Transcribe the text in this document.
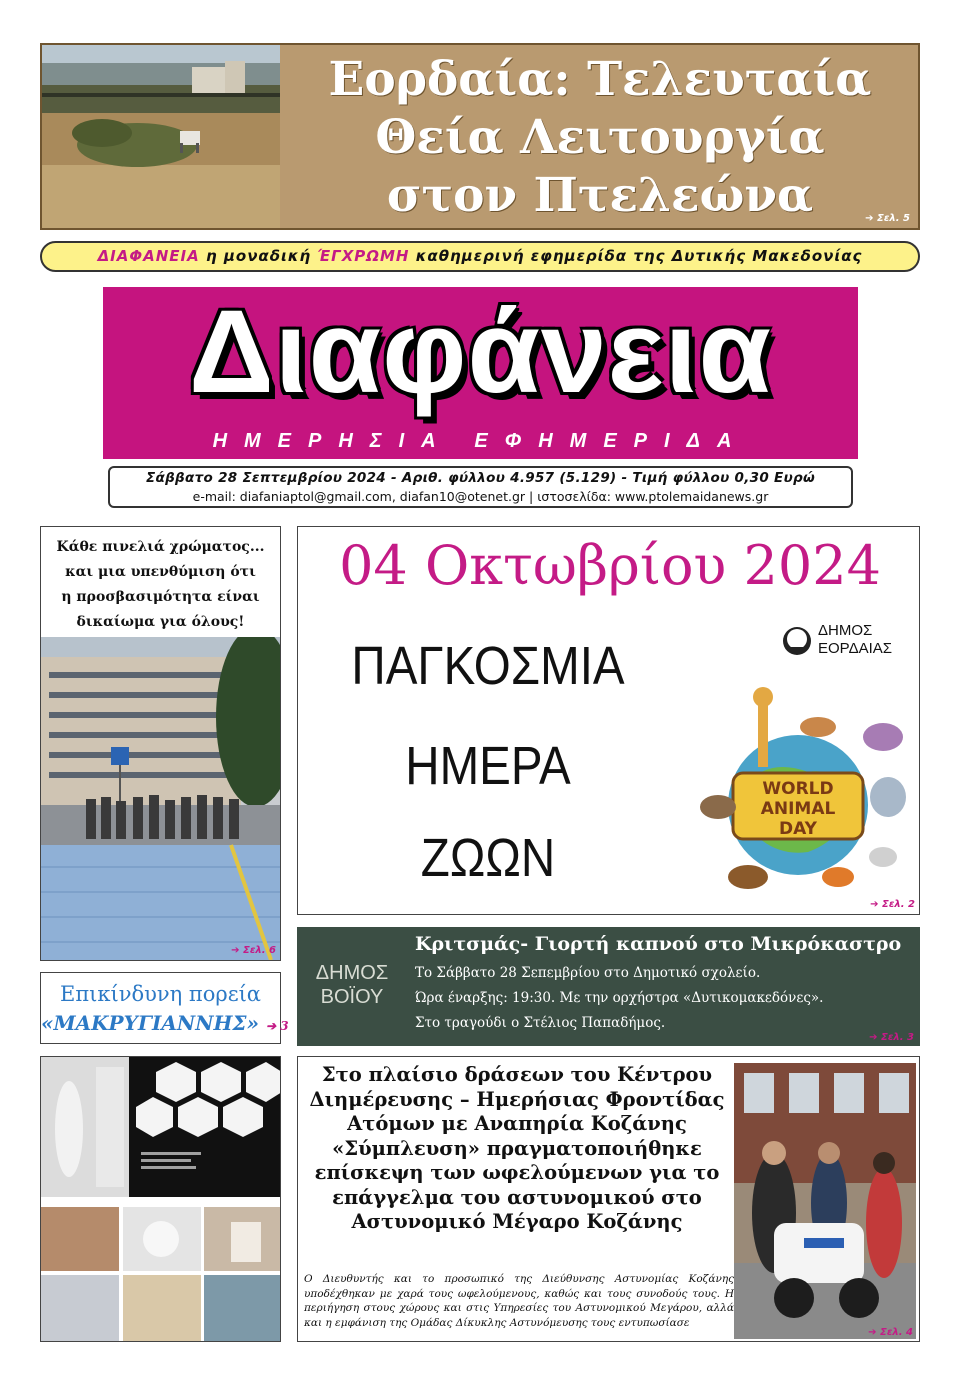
Εορδαία: Τελευταία
Θεία Λειτουργία
στον Πτελεώνα	➔ Σελ. 5
ΔΙΑΦΑΝΕΙΑ η μοναδική ΈΓΧΡΩΜΗ καθημερινή εφημερίδα της Δυτικής Μακεδονίας
Διαφάνεια
ΗΜΕΡΗΣΙΑ ΕΦΗΜΕΡΙΔΑ
Σάββατο 28 Σεπτεμβρίου 2024 - Αριθ. φύλλου 4.957 (5.129) - Τιμή φύλλου 0,30 Ευρώ
e-mail: diafaniaptol@gmail.com, diafan10@otenet.gr | ιστοσελίδα: www.ptolemaidanews.gr
Κάθε πινελιά χρώματος...
και μια υπενθύμιση ότι
η προσβασιμότητα είναι
δικαίωμα για όλους!
➔ Σελ. 6
Επικίνδυνη πορεία
«ΜΑΚΡΥΓΙΑΝΝΗΣ» ➔ 3
04 Οκτωβρίου 2024
ΠΑΓΚΟΣΜΙΑ
ΗΜΕΡΑ
ΖΩΩΝ
ΔΗΜΟΣ
ΕΟΡΔΑΙΑΣ
WORLD
ANIMAL
DAY
➔ Σελ. 2
ΔΗΜΟΣ
ΒΟΪΟΥ
Κριτσμάς- Γιορτή καπνού στο Μικρόκαστρο
Το Σάββατο 28 Σεπεμβρίου στο Δημοτικό σχολείο.
Ώρα έναρξης: 19:30. Με την ορχήστρα «Δυτικομακεδόνες».
Στο τραγούδι ο Στέλιος Παπαδήμος.
➔ Σελ. 3
Στο πλαίσιο δράσεων του Κέντρου Διημέρευσης – Ημερήσιας Φροντίδας Ατόμων με Αναπηρία Κοζάνης «Σύμπλευση» πραγματοποιήθηκε επίσκεψη των ωφελούμενων για το επάγγελμα του αστυνομικού στο Αστυνομικό Μέγαρο Κοζάνης
Ο Διευθυντής και το προσωπικό της Διεύθυνσης Αστυνομίας Κοζάνης υποδέχθηκαν με χαρά τους ωφελούμενους, καθώς και τους συνοδούς τους. Η περιήγηση στους χώρους και στις Υπηρεσίες του Αστυνομικού Μεγάρου, αλλά και η εμφάνιση της Ομάδας Δίκυκλης Αστυνόμευσης τους εντυπωσίασε
➔ Σελ. 4
